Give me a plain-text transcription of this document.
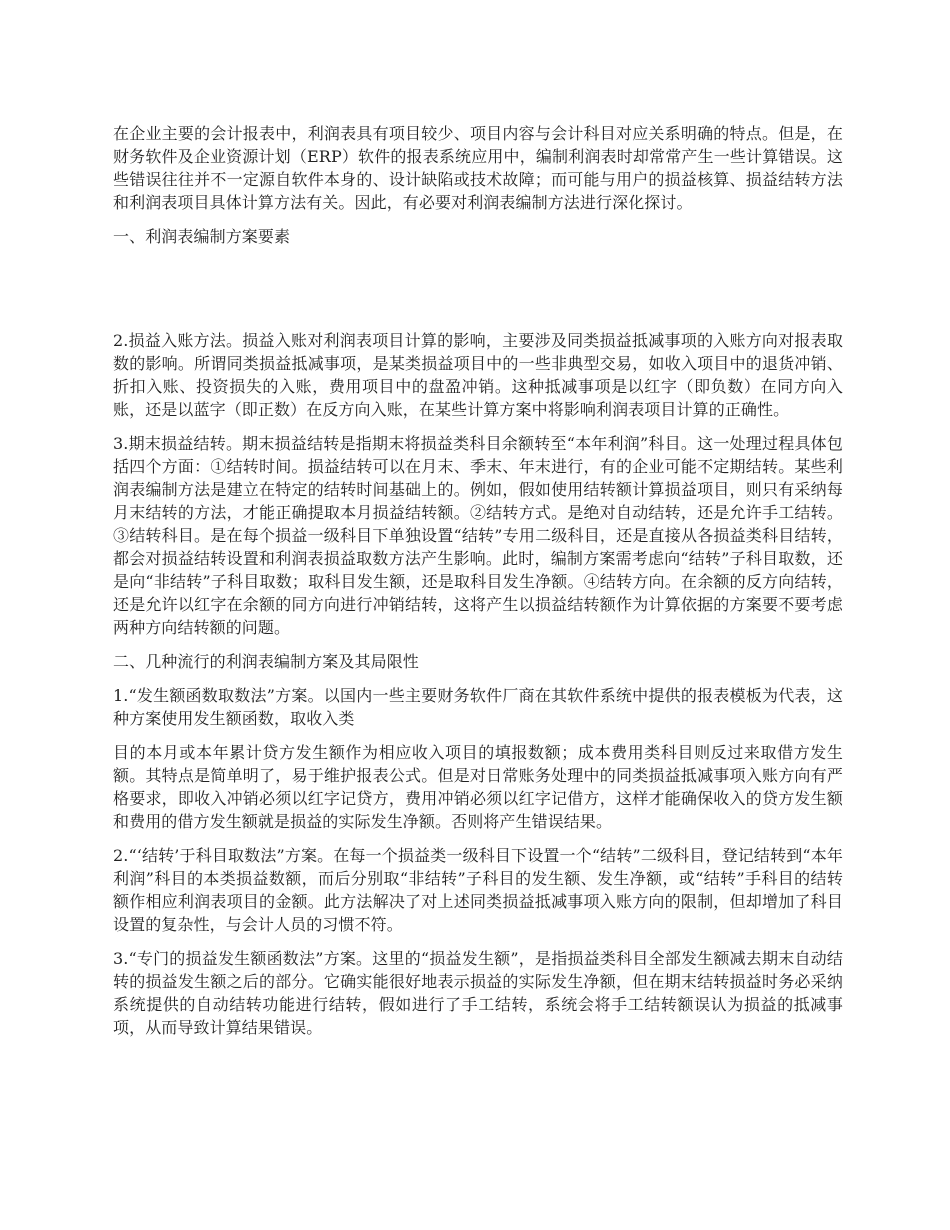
在企业主要的会计报表中，利润表具有项目较少、项目内容与会计科目对应关系明确的特点。但是，在财务软件及企业资源计划（ERP）软件的报表系统应用中，编制利润表时却常常产生一些计算错误。这些错误往往并不一定源自软件本身的、设计缺陷或技术故障；而可能与用户的损益核算、损益结转方法和利润表项目具体计算方法有关。因此，有必要对利润表编制方法进行深化探讨。

一、利润表编制方案要素

2.损益入账方法。损益入账对利润表项目计算的影响，主要涉及同类损益抵减事项的入账方向对报表取数的影响。所谓同类损益抵减事项，是某类损益项目中的一些非典型交易，如收入项目中的退货冲销、折扣入账、投资损失的入账，费用项目中的盘盈冲销。这种抵减事项是以红字（即负数）在同方向入账，还是以蓝字（即正数）在反方向入账，在某些计算方案中将影响利润表项目计算的正确性。

3.期末损益结转。期末损益结转是指期末将损益类科目余额转至“本年利润”科目。这一处理过程具体包括四个方面：①结转时间。损益结转可以在月末、季末、年末进行，有的企业可能不定期结转。某些利润表编制方法是建立在特定的结转时间基础上的。例如，假如使用结转额计算损益项目，则只有采纳每月末结转的方法，才能正确提取本月损益结转额。②结转方式。是绝对自动结转，还是允许手工结转。③结转科目。是在每个损益一级科目下单独设置“结转”专用二级科目，还是直接从各损益类科目结转，都会对损益结转设置和利润表损益取数方法产生影响。此时，编制方案需考虑向“结转”子科目取数，还是向“非结转”子科目取数；取科目发生额，还是取科目发生净额。④结转方向。在余额的反方向结转，还是允许以红字在余额的同方向进行冲销结转，这将产生以损益结转额作为计算依据的方案要不要考虑两种方向结转额的问题。

二、几种流行的利润表编制方案及其局限性

1.“发生额函数取数法”方案。以国内一些主要财务软件厂商在其软件系统中提供的报表模板为代表，这种方案使用发生额函数，取收入类

目的本月或本年累计贷方发生额作为相应收入项目的填报数额；成本费用类科目则反过来取借方发生额。其特点是简单明了，易于维护报表公式。但是对日常账务处理中的同类损益抵减事项入账方向有严格要求，即收入冲销必须以红字记贷方，费用冲销必须以红字记借方，这样才能确保收入的贷方发生额和费用的借方发生额就是损益的实际发生净额。否则将产生错误结果。

2.“‘结转’于科目取数法”方案。在每一个损益类一级科目下设置一个“结转”二级科目，登记结转到“本年利润”科目的本类损益数额，而后分别取“非结转”子科目的发生额、发生净额，或“结转”手科目的结转额作相应利润表项目的金额。此方法解决了对上述同类损益抵减事项入账方向的限制，但却增加了科目设置的复杂性，与会计人员的习惯不符。

3.“专门的损益发生额函数法”方案。这里的“损益发生额”，是指损益类科目全部发生额减去期末自动结转的损益发生额之后的部分。它确实能很好地表示损益的实际发生净额，但在期末结转损益时务必采纳系统提供的自动结转功能进行结转，假如进行了手工结转，系统会将手工结转额误认为损益的抵减事项，从而导致计算结果错误。
